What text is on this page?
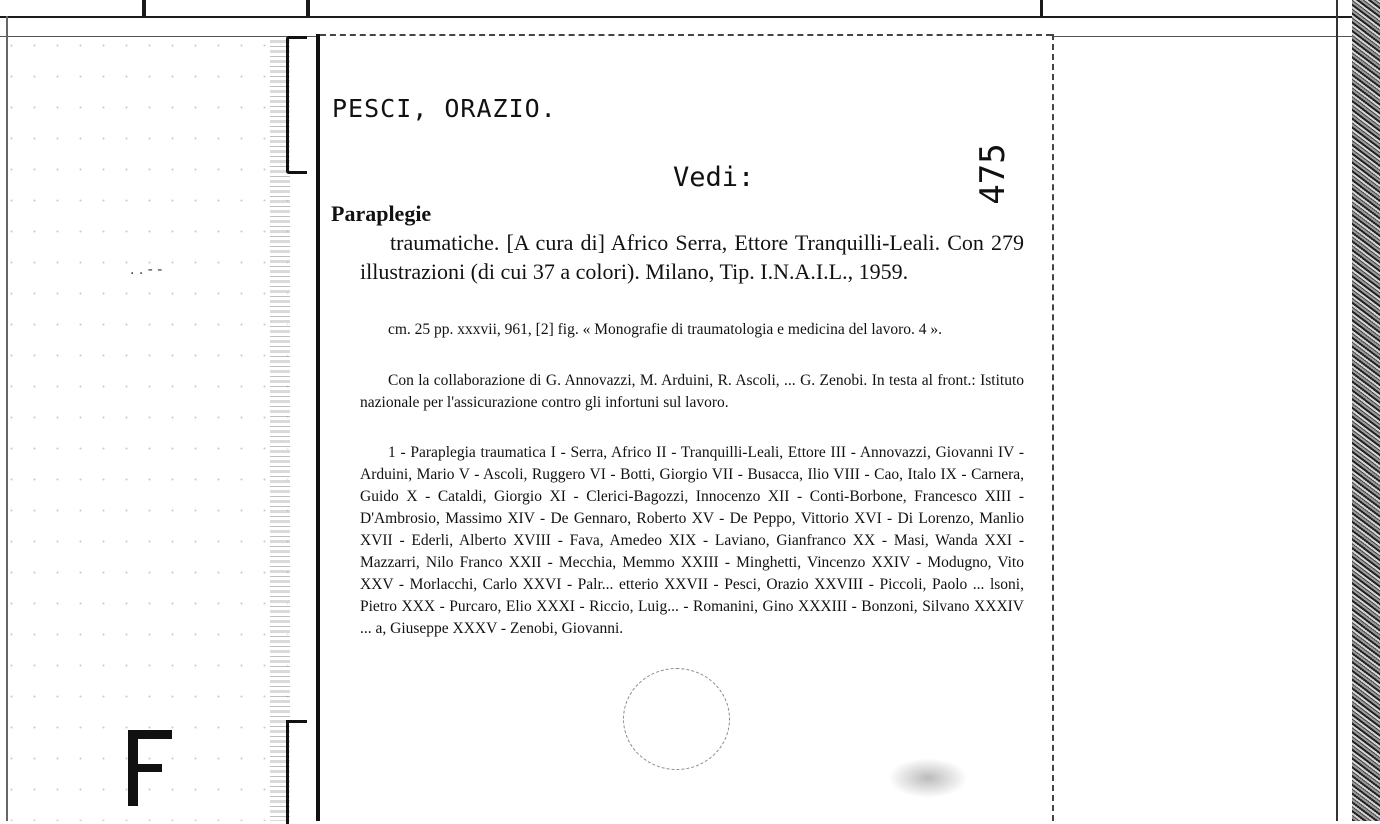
. . - -
PESCI, ORAZIO.
Vedi:	475
Paraplegie

traumatiche. [A cura di] Africo Serra, Ettore Tranquilli-Leali. Con 279 illustrazioni (di cui 37 a colori). Milano, Tip. I.N.A.I.L., 1959.

cm. 25 pp. xxxvii, 961, [2] fig. « Monografie di traumatologia e medicina del lavoro. 4 ».

Con la collaborazione di G. Annovazzi, M. Arduini, R. Ascoli, ... G. Zenobi. In testa al front.: Istituto nazionale per l'assicurazione contro gli infortuni sul lavoro.

1 - Paraplegia traumatica I - Serra, Africo II - Tranquilli-Leali, Ettore III - Annovazzi, Giovanni IV - Arduini, Mario V - Ascoli, Ruggero VI - Botti, Giorgio VII - Busacca, Ilio VIII - Cao, Italo IX - Carnera, Guido X - Cataldi, Giorgio XI - Clerici-Bagozzi, Innocenzo XII - Conti-Borbone, Francesco XIII - D'Ambrosio, Massimo XIV - De Gennaro, Roberto XV - De Peppo, Vittorio XVI - Di Lorenzo, Manlio XVII - Ederli, Alberto XVIII - Fava, Amedeo XIX - Laviano, Gianfranco XX - Masi, Wanda XXI - Mazzarri, Nilo Franco XXII - Mecchia, Memmo XXIII - Minghetti, Vincenzo XXIV - Modugno, Vito XXV - Morlacchi, Carlo XXVI - Palr... etterio XXVII - Pesci, Orazio XXVIII - Piccoli, Paolo ... lsoni, Pietro XXX - Purcaro, Elio XXXI - Riccio, Luig... - Romanini, Gino XXXIII - Bonzoni, Silvano XXXIV ... a, Giuseppe XXXV - Zenobi, Giovanni.
